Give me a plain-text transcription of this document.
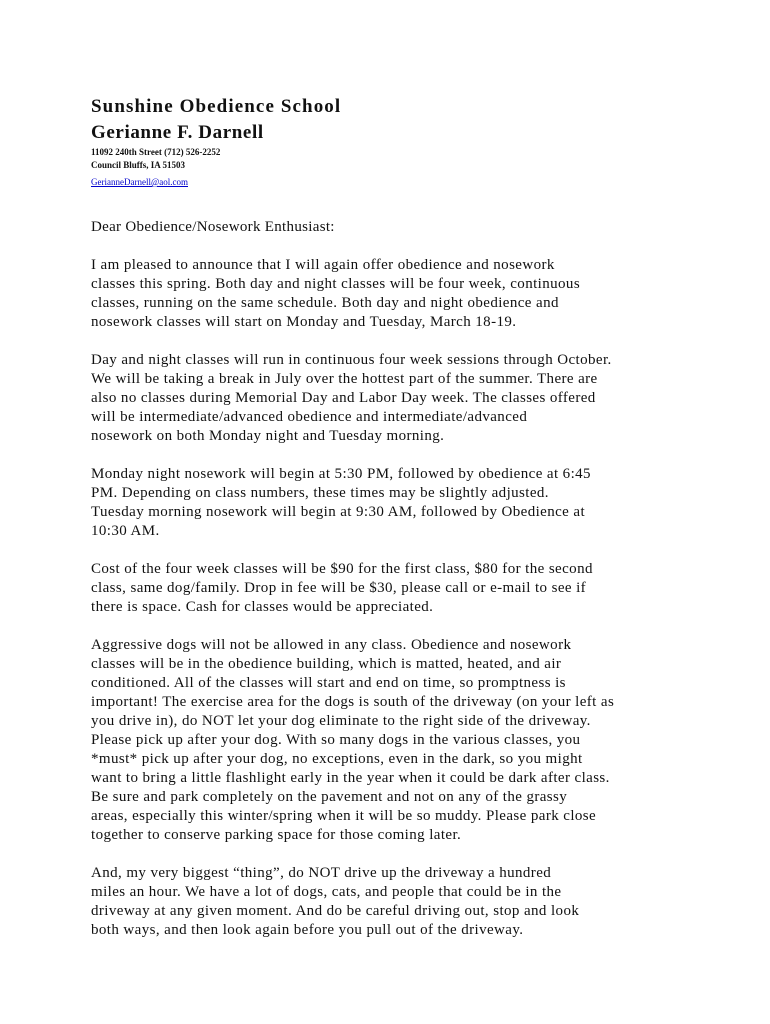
Sunshine Obedience School
Gerianne F. Darnell
11092 240th Street (712) 526-2252
Council Bluffs, IA 51503
GerianneDarnell@aol.com
Dear Obedience/Nosework Enthusiast:
I am pleased to announce that I will again offer obedience and nosework
classes this spring. Both day and night classes will be four week, continuous
classes, running on the same schedule. Both day and night obedience and
nosework classes will start on Monday and Tuesday, March 18-19.
Day and night classes will run in continuous four week sessions through October.
We will be taking a break in July over the hottest part of the summer. There are
also no classes during Memorial Day and Labor Day week. The classes offered
will be intermediate/advanced obedience and intermediate/advanced
nosework on both Monday night and Tuesday morning.
Monday night nosework will begin at 5:30 PM, followed by obedience at 6:45
PM. Depending on class numbers, these times may be slightly adjusted.
Tuesday morning nosework will begin at 9:30 AM, followed by Obedience at
10:30 AM.
Cost of the four week classes will be $90 for the first class, $80 for the second
class, same dog/family. Drop in fee will be $30, please call or e-mail to see if
there is space. Cash for classes would be appreciated.
Aggressive dogs will not be allowed in any class. Obedience and nosework
classes will be in the obedience building, which is matted, heated, and air
conditioned. All of the classes will start and end on time, so promptness is
important! The exercise area for the dogs is south of the driveway (on your left as
you drive in), do NOT let your dog eliminate to the right side of the driveway.
Please pick up after your dog. With so many dogs in the various classes, you
*must* pick up after your dog, no exceptions, even in the dark, so you might
want to bring a little flashlight early in the year when it could be dark after class.
Be sure and park completely on the pavement and not on any of the grassy
areas, especially this winter/spring when it will be so muddy. Please park close
together to conserve parking space for those coming later.
And, my very biggest “thing”, do NOT drive up the driveway a hundred
miles an hour. We have a lot of dogs, cats, and people that could be in the
driveway at any given moment. And do be careful driving out, stop and look
both ways, and then look again before you pull out of the driveway.
